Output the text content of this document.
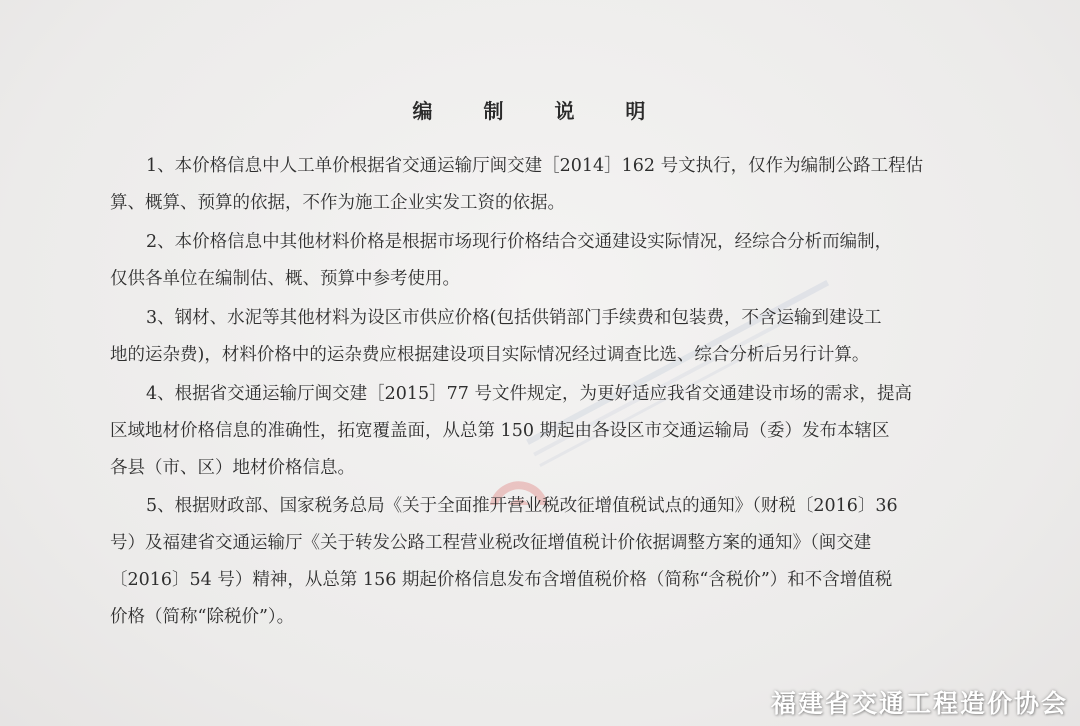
编 制 说 明
1、本价格信息中人工单价根据省交通运输厅闽交建［2014］162 号文执行，仅作为编制公路工程估
算、概算、预算的依据，不作为施工企业实发工资的依据。
2、本价格信息中其他材料价格是根据市场现行价格结合交通建设实际情况，经综合分析而编制，
仅供各单位在编制估、概、预算中参考使用。
3、钢材、水泥等其他材料为设区市供应价格(包括供销部门手续费和包装费，不含运输到建设工
地的运杂费)，材料价格中的运杂费应根据建设项目实际情况经过调查比选、综合分析后另行计算。
4、根据省交通运输厅闽交建［2015］77 号文件规定，为更好适应我省交通建设市场的需求，提高
区域地材价格信息的准确性，拓宽覆盖面，从总第 150 期起由各设区市交通运输局（委）发布本辖区
各县（市、区）地材价格信息。
5、根据财政部、国家税务总局《关于全面推开营业税改征增值税试点的通知》（财税〔2016〕36
号）及福建省交通运输厅《关于转发公路工程营业税改征增值税计价依据调整方案的通知》（闽交建
〔2016〕54 号）精神，从总第 156 期起价格信息发布含增值税价格（简称“含税价”）和不含增值税
价格（简称“除税价”）。
福建省交通工程造价协会
